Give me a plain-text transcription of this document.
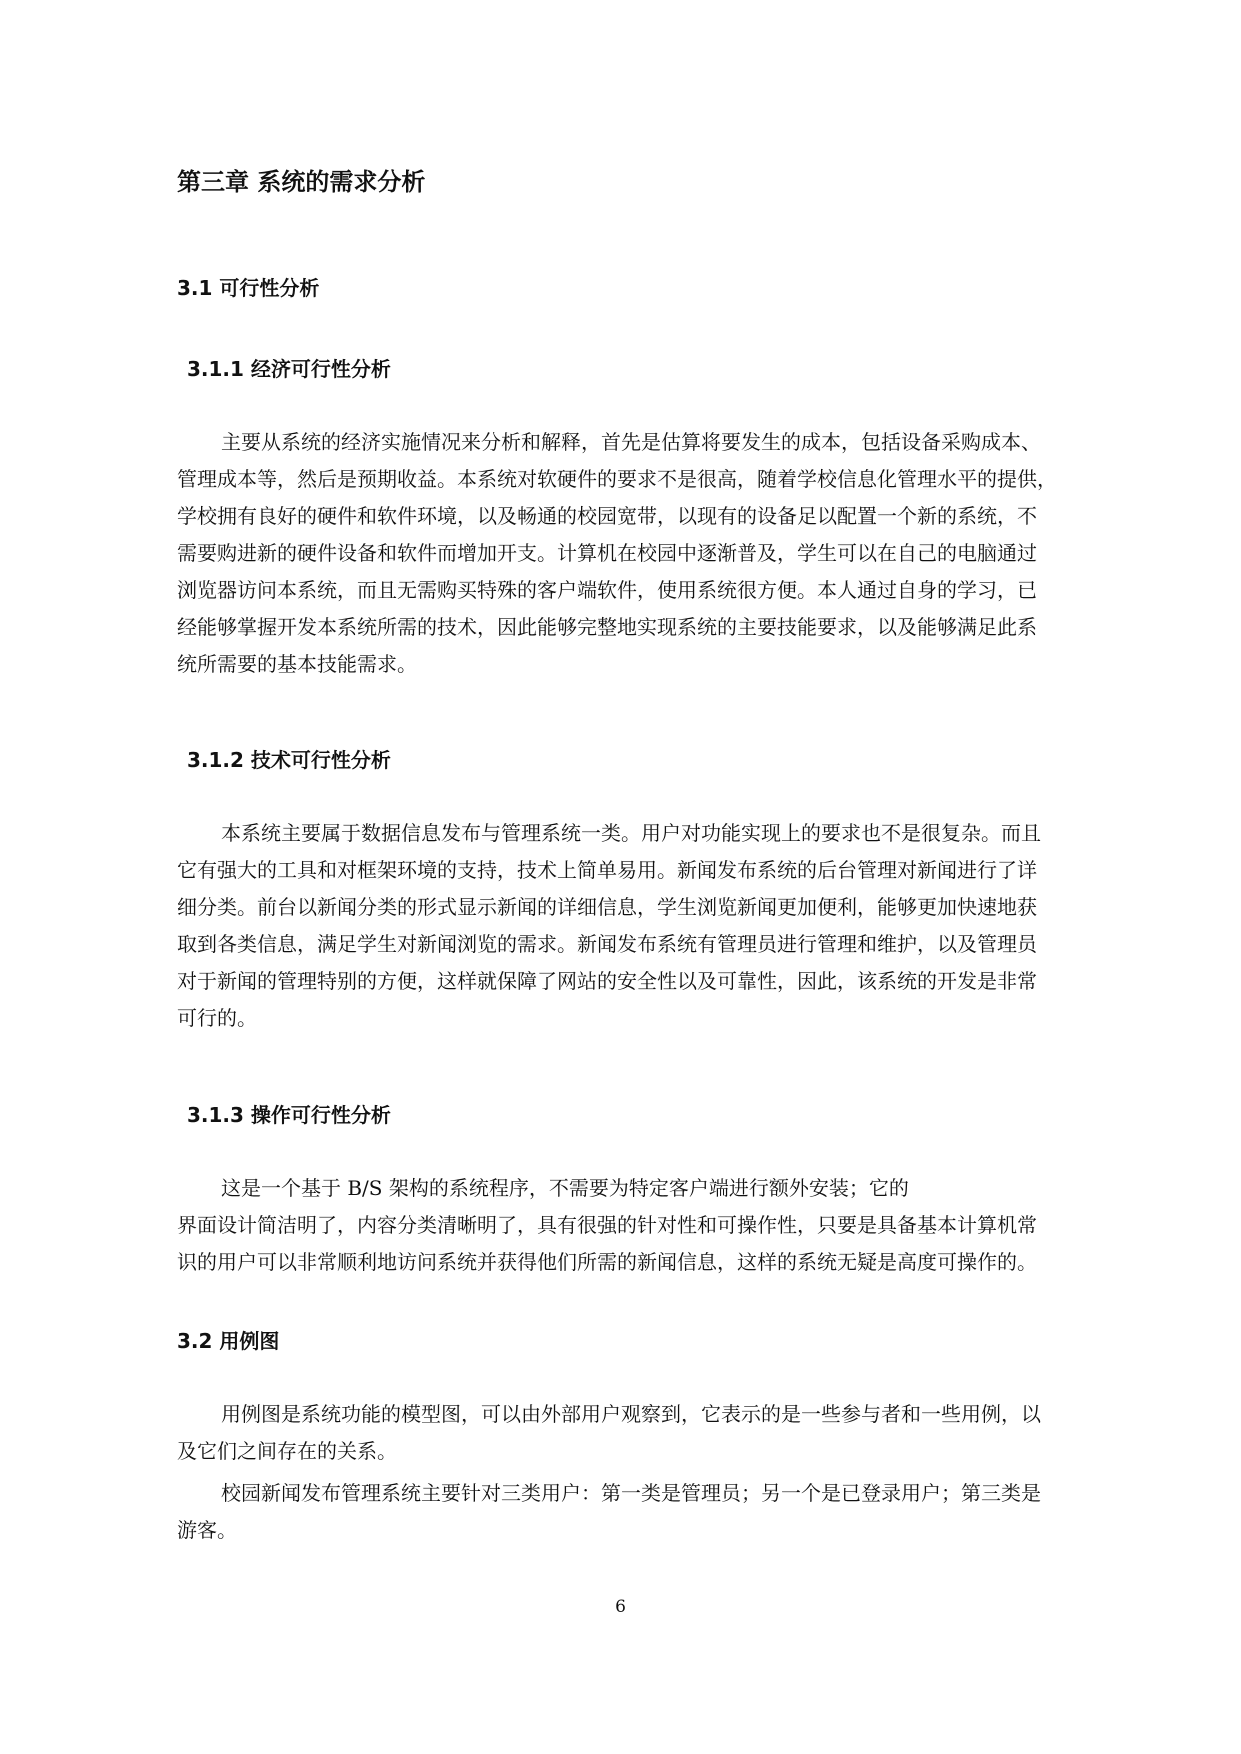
第三章 系统的需求分析
3.1 可行性分析
3.1.1 经济可行性分析
主要从系统的经济实施情况来分析和解释，首先是估算将要发生的成本，包括设备采购成本、
管理成本等，然后是预期收益。本系统对软硬件的要求不是很高，随着学校信息化管理水平的提供，
学校拥有良好的硬件和软件环境，以及畅通的校园宽带，以现有的设备足以配置一个新的系统，不
需要购进新的硬件设备和软件而增加开支。计算机在校园中逐渐普及，学生可以在自己的电脑通过
浏览器访问本系统，而且无需购买特殊的客户端软件，使用系统很方便。本人通过自身的学习，已
经能够掌握开发本系统所需的技术，因此能够完整地实现系统的主要技能要求，以及能够满足此系
统所需要的基本技能需求。
3.1.2 技术可行性分析
本系统主要属于数据信息发布与管理系统一类。用户对功能实现上的要求也不是很复杂。而且
它有强大的工具和对框架环境的支持，技术上简单易用。新闻发布系统的后台管理对新闻进行了详
细分类。前台以新闻分类的形式显示新闻的详细信息，学生浏览新闻更加便利，能够更加快速地获
取到各类信息，满足学生对新闻浏览的需求。新闻发布系统有管理员进行管理和维护，以及管理员
对于新闻的管理特别的方便，这样就保障了网站的安全性以及可靠性，因此，该系统的开发是非常
可行的。
3.1.3 操作可行性分析
这是一个基于 B/S 架构的系统程序，不需要为特定客户端进行额外安装；它的
界面设计简洁明了，内容分类清晰明了，具有很强的针对性和可操作性，只要是具备基本计算机常
识的用户可以非常顺利地访问系统并获得他们所需的新闻信息，这样的系统无疑是高度可操作的。
3.2 用例图
用例图是系统功能的模型图，可以由外部用户观察到，它表示的是一些参与者和一些用例，以
及它们之间存在的关系。
校园新闻发布管理系统主要针对三类用户：第一类是管理员；另一个是已登录用户；第三类是
游客。

6
